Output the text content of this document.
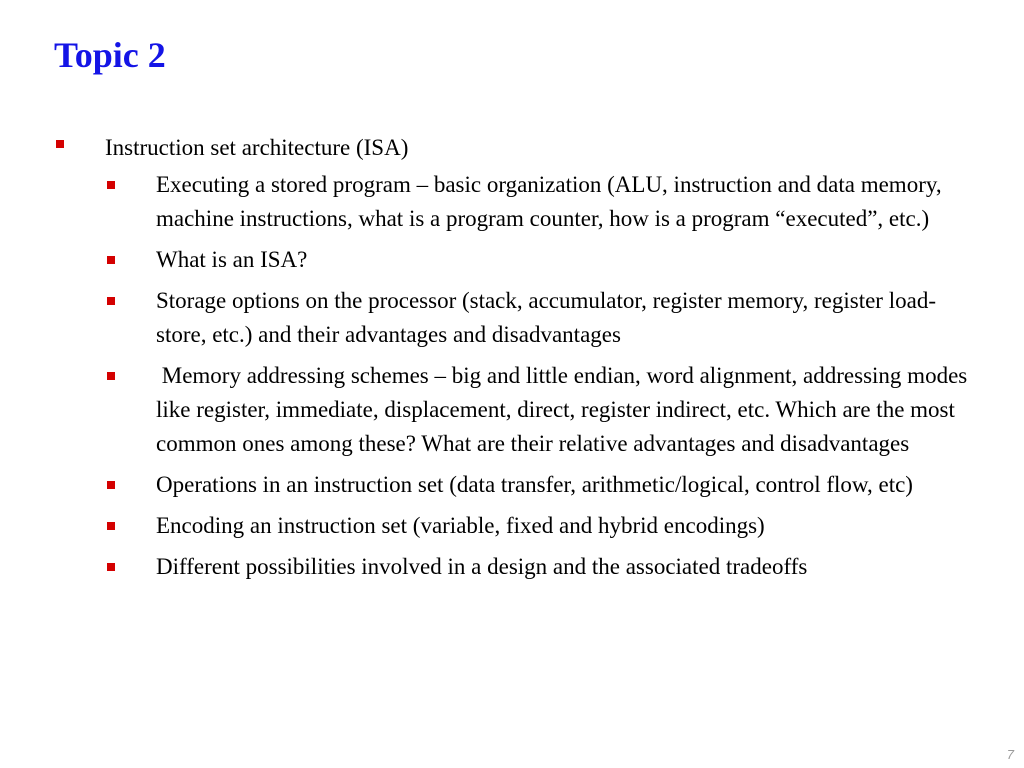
Topic 2
Instruction set architecture (ISA)
Executing a stored program – basic organization (ALU, instruction and data memory, machine instructions, what is a program counter, how is a program “executed”, etc.)
What is an ISA?
Storage options on the processor (stack, accumulator, register memory, register load-store, etc.) and their advantages and disadvantages
Memory addressing schemes – big and little endian, word alignment, addressing modes like register, immediate, displacement, direct, register indirect, etc. Which are the most common ones among these? What are their relative advantages and disadvantages
Operations in an instruction set (data transfer, arithmetic/logical, control flow, etc)
Encoding an instruction set (variable, fixed and hybrid encodings)
Different possibilities involved in a design and the associated tradeoffs
7
